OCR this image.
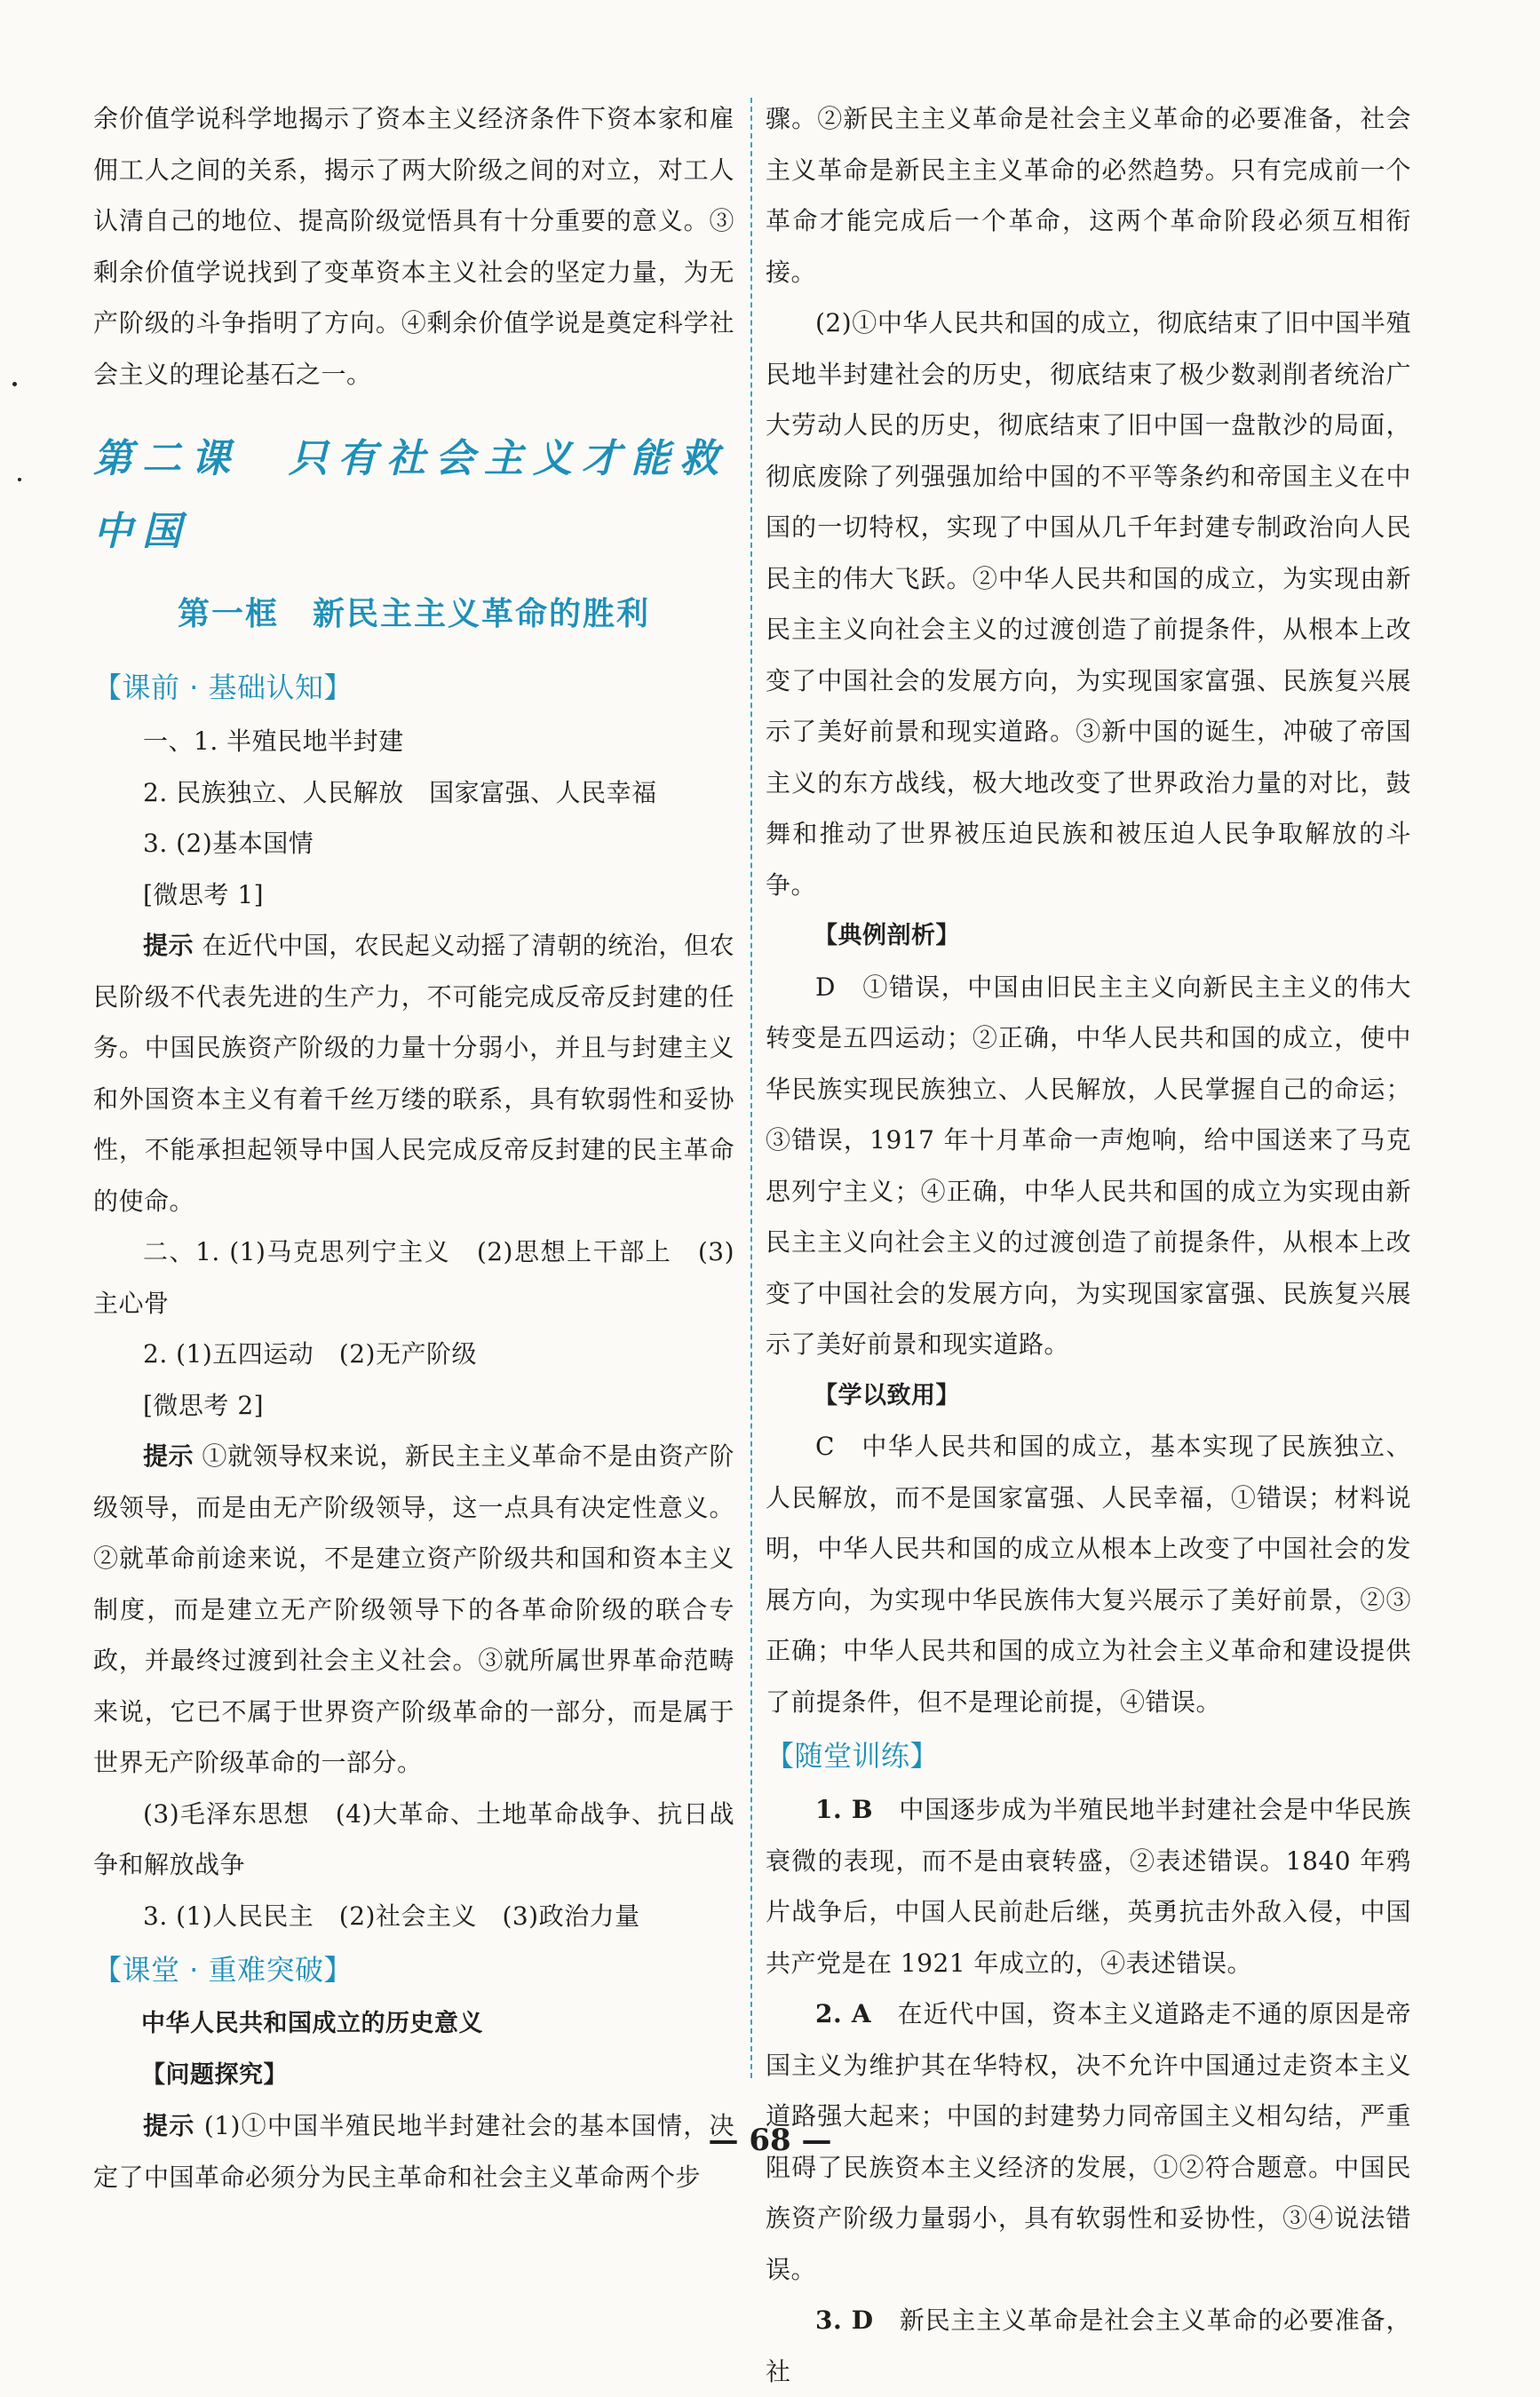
余价值学说科学地揭示了资本主义经济条件下资本家和雇佣工人之间的关系，揭示了两大阶级之间的对立，对工人认清自己的地位、提高阶级觉悟具有十分重要的意义。③剩余价值学说找到了变革资本主义社会的坚定力量，为无产阶级的斗争指明了方向。④剩余价值学说是奠定科学社会主义的理论基石之一。

第二课　只有社会主义才能救中国
第一框　新民主主义革命的胜利
【课前 · 基础认知】

一、1. 半殖民地半封建

2. 民族独立、人民解放　国家富强、人民幸福

3. (2)基本国情

[微思考 1]

提示 在近代中国，农民起义动摇了清朝的统治，但农民阶级不代表先进的生产力，不可能完成反帝反封建的任务。中国民族资产阶级的力量十分弱小，并且与封建主义和外国资本主义有着千丝万缕的联系，具有软弱性和妥协性，不能承担起领导中国人民完成反帝反封建的民主革命的使命。

二、1. (1)马克思列宁主义　(2)思想上干部上　(3)主心骨

2. (1)五四运动　(2)无产阶级

[微思考 2]

提示 ①就领导权来说，新民主主义革命不是由资产阶级领导，而是由无产阶级领导，这一点具有决定性意义。②就革命前途来说，不是建立资产阶级共和国和资本主义制度，而是建立无产阶级领导下的各革命阶级的联合专政，并最终过渡到社会主义社会。③就所属世界革命范畴来说，它已不属于世界资产阶级革命的一部分，而是属于世界无产阶级革命的一部分。

(3)毛泽东思想　(4)大革命、土地革命战争、抗日战争和解放战争

3. (1)人民民主　(2)社会主义　(3)政治力量

【课堂 · 重难突破】

中华人民共和国成立的历史意义

【问题探究】

提示 (1)①中国半殖民地半封建社会的基本国情，决定了中国革命必须分为民主革命和社会主义革命两个步

骤。②新民主主义革命是社会主义革命的必要准备，社会主义革命是新民主主义革命的必然趋势。只有完成前一个革命才能完成后一个革命，这两个革命阶段必须互相衔接。

(2)①中华人民共和国的成立，彻底结束了旧中国半殖民地半封建社会的历史，彻底结束了极少数剥削者统治广大劳动人民的历史，彻底结束了旧中国一盘散沙的局面，彻底废除了列强强加给中国的不平等条约和帝国主义在中国的一切特权，实现了中国从几千年封建专制政治向人民民主的伟大飞跃。②中华人民共和国的成立，为实现由新民主主义向社会主义的过渡创造了前提条件，从根本上改变了中国社会的发展方向，为实现国家富强、民族复兴展示了美好前景和现实道路。③新中国的诞生，冲破了帝国主义的东方战线，极大地改变了世界政治力量的对比，鼓舞和推动了世界被压迫民族和被压迫人民争取解放的斗争。

【典例剖析】

D　①错误，中国由旧民主主义向新民主主义的伟大转变是五四运动；②正确，中华人民共和国的成立，使中华民族实现民族独立、人民解放，人民掌握自己的命运；③错误，1917 年十月革命一声炮响，给中国送来了马克思列宁主义；④正确，中华人民共和国的成立为实现由新民主主义向社会主义的过渡创造了前提条件，从根本上改变了中国社会的发展方向，为实现国家富强、民族复兴展示了美好前景和现实道路。

【学以致用】

C　中华人民共和国的成立，基本实现了民族独立、人民解放，而不是国家富强、人民幸福，①错误；材料说明，中华人民共和国的成立从根本上改变了中国社会的发展方向，为实现中华民族伟大复兴展示了美好前景，②③正确；中华人民共和国的成立为社会主义革命和建设提供了前提条件，但不是理论前提，④错误。

【随堂训练】

1. B　 中国逐步成为半殖民地半封建社会是中华民族衰微的表现，而不是由衰转盛，②表述错误。1840 年鸦片战争后，中国人民前赴后继，英勇抗击外敌入侵，中国共产党是在 1921 年成立的，④表述错误。

2. A　 在近代中国，资本主义道路走不通的原因是帝国主义为维护其在华特权，决不允许中国通过走资本主义道路强大起来；中国的封建势力同帝国主义相勾结，严重阻碍了民族资本主义经济的发展，①②符合题意。中国民族资产阶级力量弱小，具有软弱性和妥协性，③④说法错误。

3. D　 新民主主义革命是社会主义革命的必要准备，社

— 68 —
